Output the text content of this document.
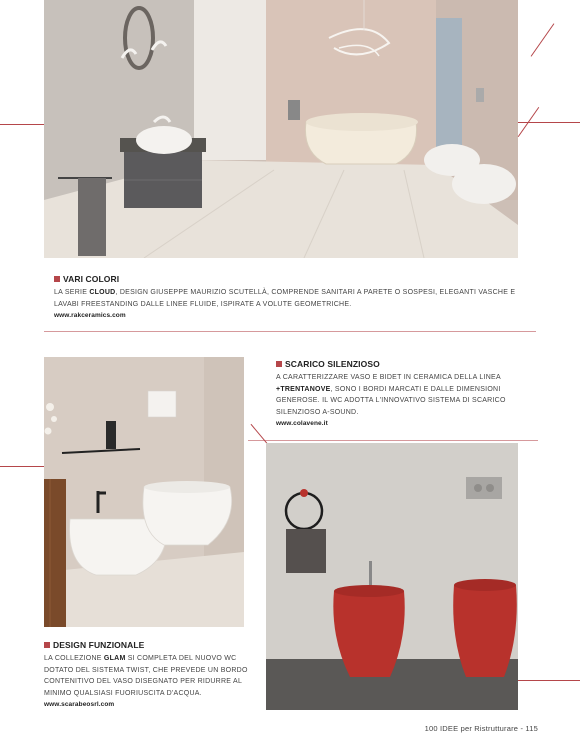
VARI COLORI
LA SERIE CLOUD, DESIGN GIUSEPPE MAURIZIO SCUTELLÀ, COMPRENDE SANITARI A PARETE O SOSPESI, ELEGANTI VASCHE E LAVABI FREESTANDING DALLE LINEE FLUIDE, ISPIRATE A VOLUTE GEOMETRICHE.
www.rakceramics.com
SCARICO SILENZIOSO
A CARATTERIZZARE VASO E BIDET IN CERAMICA DELLA LINEA +TRENTANOVE, SONO I BORDI MARCATI E DALLE DIMENSIONI GENEROSE. IL WC ADOTTA L'INNOVATIVO SISTEMA DI SCARICO SILENZIOSO A-SOUND.
www.colavene.it
DESIGN FUNZIONALE
LA COLLEZIONE GLAM SI COMPLETA DEL NUOVO WC DOTATO DEL SISTEMA TWIST, CHE PREVEDE UN BORDO CONTENITIVO DEL VASO DISEGNATO PER RIDURRE AL MINIMO QUALSIASI FUORIUSCITA D'ACQUA.
www.scarabeosrl.com
100 IDEE per Ristrutturare - 115
